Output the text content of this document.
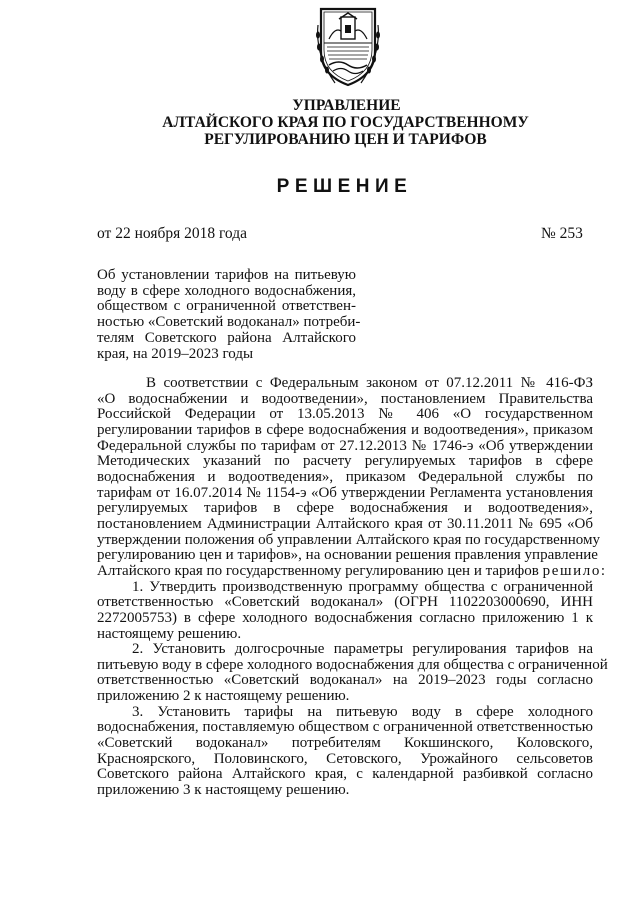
УПРАВЛЕНИЕ
АЛТАЙСКОГО КРАЯ ПО ГОСУДАРСТВЕННОМУ
РЕГУЛИРОВАНИЮ ЦЕН И ТАРИФОВ
РЕШЕНИЕ
от 22 ноября 2018 года	№ 253
Об установлении тарифов на питьевую
воду в сфере холодного водоснабжения,
обществом с ограниченной ответствен-
ностью «Советский водоканал» потреби-
телям Советского района Алтайского
края, на 2019–2023 годы
В соответствии с Федеральным законом от 07.12.2011 № 416-ФЗ
«О водоснабжении и водоотведении», постановлением Правительства
Российской Федерации от 13.05.2013 № 406 «О государственном
регулировании тарифов в сфере водоснабжения и водоотведения», приказом
Федеральной службы по тарифам от 27.12.2013 № 1746-э «Об утверждении
Методических указаний по расчету регулируемых тарифов в сфере
водоснабжения и водоотведения», приказом Федеральной службы по
тарифам от 16.07.2014 № 1154-э «Об утверждении Регламента установления
регулируемых тарифов в сфере водоснабжения и водоотведения»,
постановлением Администрации Алтайского края от 30.11.2011 № 695 «Об
утверждении положения об управлении Алтайского края по государственному
регулированию цен и тарифов», на основании решения правления управление
Алтайского края по государственному регулированию цен и тарифов решило:
1. Утвердить производственную программу общества с ограниченной
ответственностью «Советский водоканал» (ОГРН 1102203000690, ИНН
2272005753) в сфере холодного водоснабжения согласно приложению 1 к
настоящему решению.
2. Установить долгосрочные параметры регулирования тарифов на
питьевую воду в сфере холодного водоснабжения для общества с ограниченной
ответственностью «Советский водоканал» на 2019–2023 годы согласно
приложению 2 к настоящему решению.
3. Установить тарифы на питьевую воду в сфере холодного
водоснабжения, поставляемую обществом с ограниченной ответственностью
«Советский водоканал» потребителям Кокшинского, Коловского,
Красноярского, Половинского, Сетовского, Урожайного сельсоветов
Советского района Алтайского края, с календарной разбивкой согласно
приложению 3 к настоящему решению.
